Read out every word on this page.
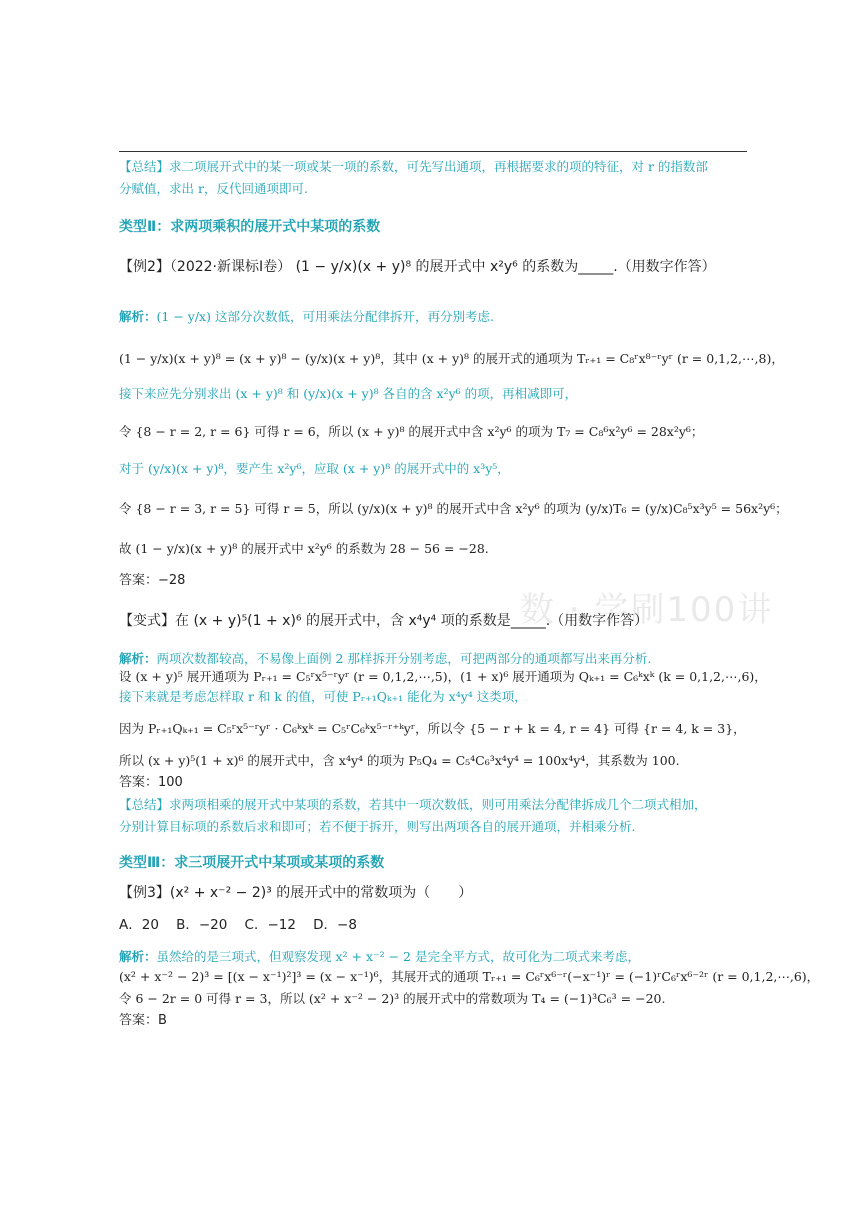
【总结】求二项展开式中的某一项或某一项的系数，可先写出通项，再根据要求的项的特征，对 r 的指数部
分赋值，求出 r，反代回通项即可.
类型Ⅱ：求两项乘积的展开式中某项的系数
【例2】（2022·新课标Ⅰ卷） (1 − y/x)(x + y)⁸ 的展开式中 x²y⁶ 的系数为_____.（用数字作答）
解析：(1 − y/x) 这部分次数低，可用乘法分配律拆开，再分别考虑.
(1 − y/x)(x + y)⁸ = (x + y)⁸ − (y/x)(x + y)⁸，其中 (x + y)⁸ 的展开式的通项为 Tᵣ₊₁ = C₈ʳx⁸⁻ʳyʳ (r = 0,1,2,⋯,8)，
接下来应先分别求出 (x + y)⁸ 和 (y/x)(x + y)⁸ 各自的含 x²y⁶ 的项，再相减即可，
令 {8 − r = 2, r = 6} 可得 r = 6，所以 (x + y)⁸ 的展开式中含 x²y⁶ 的项为 T₇ = C₈⁶x²y⁶ = 28x²y⁶；
对于 (y/x)(x + y)⁸，要产生 x²y⁶，应取 (x + y)⁸ 的展开式中的 x³y⁵，
令 {8 − r = 3, r = 5} 可得 r = 5，所以 (y/x)(x + y)⁸ 的展开式中含 x²y⁶ 的项为 (y/x)T₆ = (y/x)C₈⁵x³y⁵ = 56x²y⁶；
故 (1 − y/x)(x + y)⁸ 的展开式中 x²y⁶ 的系数为 28 − 56 = −28.
答案：−28
数 · 学刷100讲
【变式】在 (x + y)⁵(1 + x)⁶ 的展开式中，含 x⁴y⁴ 项的系数是_____.（用数字作答）
解析：两项次数都较高，不易像上面例 2 那样拆开分别考虑，可把两部分的通项都写出来再分析.
设 (x + y)⁵ 展开通项为 Pᵣ₊₁ = C₅ʳx⁵⁻ʳyʳ (r = 0,1,2,⋯,5)，(1 + x)⁶ 展开通项为 Qₖ₊₁ = C₆ᵏxᵏ (k = 0,1,2,⋯,6)，
接下来就是考虑怎样取 r 和 k 的值，可使 Pᵣ₊₁Qₖ₊₁ 能化为 x⁴y⁴ 这类项，
因为 Pᵣ₊₁Qₖ₊₁ = C₅ʳx⁵⁻ʳyʳ · C₆ᵏxᵏ = C₅ʳC₆ᵏx⁵⁻ʳ⁺ᵏyʳ，所以令 {5 − r + k = 4, r = 4} 可得 {r = 4, k = 3}，
所以 (x + y)⁵(1 + x)⁶ 的展开式中，含 x⁴y⁴ 的项为 P₅Q₄ = C₅⁴C₆³x⁴y⁴ = 100x⁴y⁴，其系数为 100.
答案：100
【总结】求两项相乘的展开式中某项的系数，若其中一项次数低，则可用乘法分配律拆成几个二项式相加，
分别计算目标项的系数后求和即可；若不便于拆开，则写出两项各自的展开通项，并相乘分析.
类型Ⅲ：求三项展开式中某项或某项的系数
【例3】(x² + x⁻² − 2)³ 的展开式中的常数项为（　　）
A．20 B．−20 C．−12 D．−8
解析：虽然给的是三项式，但观察发现 x² + x⁻² − 2 是完全平方式，故可化为二项式来考虑，
(x² + x⁻² − 2)³ = [(x − x⁻¹)²]³ = (x − x⁻¹)⁶，其展开式的通项 Tᵣ₊₁ = C₆ʳx⁶⁻ʳ(−x⁻¹)ʳ = (−1)ʳC₆ʳx⁶⁻²ʳ (r = 0,1,2,⋯,6)，
令 6 − 2r = 0 可得 r = 3，所以 (x² + x⁻² − 2)³ 的展开式中的常数项为 T₄ = (−1)³C₆³ = −20.
答案：B
